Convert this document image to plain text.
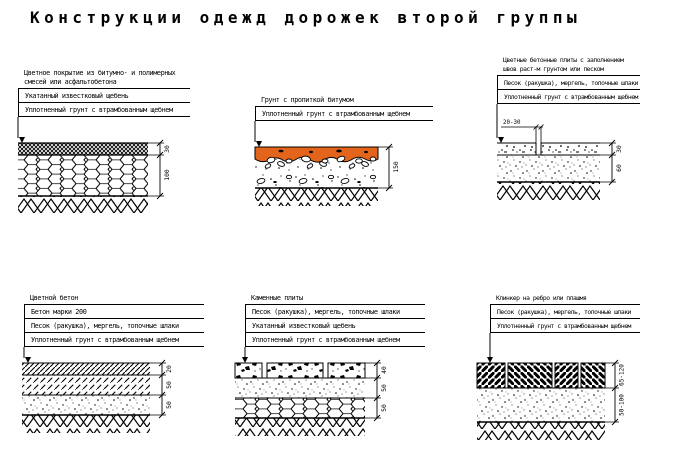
Конструкции одежд дорожек второй группы
Цветное покрытие из битумно- и полимерных смесей или асфальтобетона
Укатанный известковый щебень
Уплотненный грунт с втрамбованным щебнем
30
100
Грунт с пропиткой битумом
Уплотненный грунт с втрамбованным щебнем
150
Цветные бетонные плиты с заполнением швов раст-м грунтом или песком
Песок (ракушка), мергель, топочные шлаки
Уплотненный грунт с втрамбованным щебнем
20-30
30
60
Цветной бетон
Бетон марки 200
Песок (ракушка), мергель, топочные шлаки
Уплотненный грунт с втрамбованным щебнем
20
50
50
Каменные плиты
Песок (ракушка), мергель, топочные шлаки
Укатанный известковый щебень
Уплотненный грунт с втрамбованным щебнем
40
50
50
Клинкер на ребро или плашмя
Песок (ракушка), мергель, топочные шлаки
Уплотненный грунт с втрамбованным щебнем
65-120
50-100
